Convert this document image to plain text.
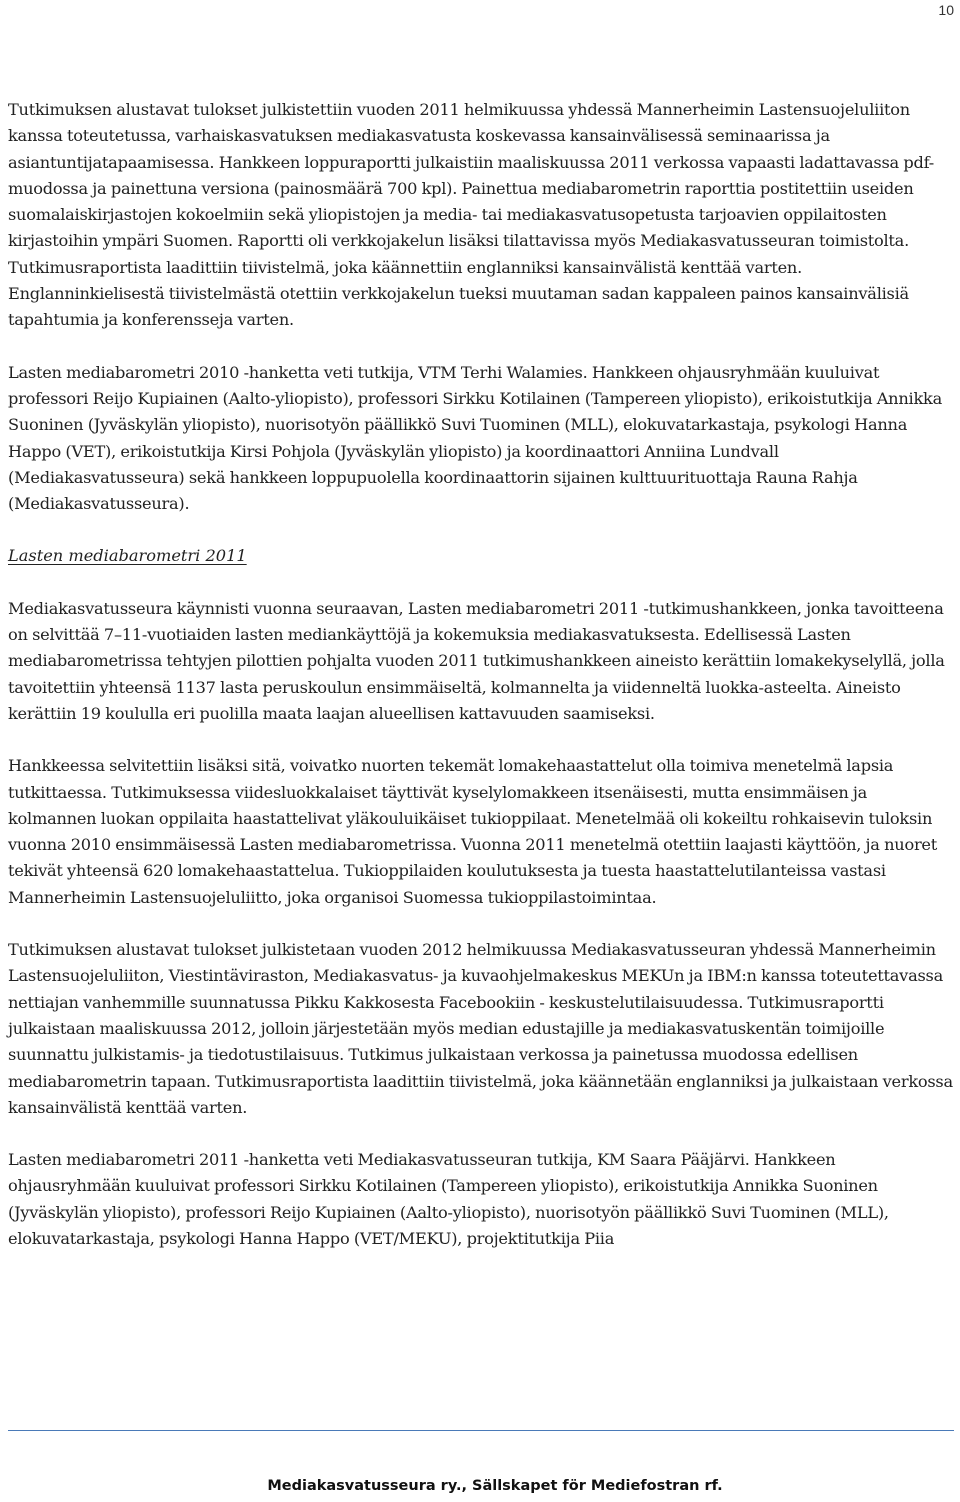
10

Tutkimuksen alustavat tulokset julkistettiin vuoden 2011 helmikuussa yhdessä Mannerheimin Lastensuojeluliiton kanssa toteutetussa, varhaiskasvatuksen mediakasvatusta koskevassa kansainvälisessä seminaarissa ja asiantuntijatapaamisessa. Hankkeen loppuraportti julkaistiin maaliskuussa 2011 verkossa vapaasti ladattavassa pdf-muodossa ja painettuna versiona (painosmäärä 700 kpl). Painettua mediabarometrin raporttia postitettiin useiden suomalaiskirjastojen kokoelmiin sekä yliopistojen ja media- tai mediakasvatusopetusta tarjoavien oppilaitosten kirjastoihin ympäri Suomen. Raportti oli verkkojakelun lisäksi tilattavissa myös Mediakasvatusseuran toimistolta. Tutkimusraportista laadittiin tiivistelmä, joka käännettiin englanniksi kansainvälistä kenttää varten. Englanninkielisestä tiivistelmästä otettiin verkkojakelun tueksi muutaman sadan kappaleen painos kansainvälisiä tapahtumia ja konferensseja varten.

Lasten mediabarometri 2010 -hanketta veti tutkija, VTM Terhi Walamies. Hankkeen ohjausryhmään kuuluivat professori Reijo Kupiainen (Aalto-yliopisto), professori Sirkku Kotilainen (Tampereen yliopisto), erikoistutkija Annikka Suoninen (Jyväskylän yliopisto), nuorisotyön päällikkö Suvi Tuominen (MLL), elokuvatarkastaja, psykologi Hanna Happo (VET), erikoistutkija Kirsi Pohjola (Jyväskylän yliopisto) ja koordinaattori Anniina Lundvall (Mediakasvatusseura) sekä hankkeen loppupuolella koordinaattorin sijainen kulttuurituottaja Rauna Rahja (Mediakasvatusseura).

Lasten mediabarometri 2011

Mediakasvatusseura käynnisti vuonna seuraavan, Lasten mediabarometri 2011 -tutkimushankkeen, jonka tavoitteena on selvittää 7–11-vuotiaiden lasten mediankäyttöjä ja kokemuksia mediakasvatuksesta. Edellisessä Lasten mediabarometrissa tehtyjen pilottien pohjalta vuoden 2011 tutkimushankkeen aineisto kerättiin lomakekyselyllä, jolla tavoitettiin yhteensä 1137 lasta peruskoulun ensimmäiseltä, kolmannelta ja viidenneltä luokka-asteelta. Aineisto kerättiin 19 koululla eri puolilla maata laajan alueellisen kattavuuden saamiseksi.

Hankkeessa selvitettiin lisäksi sitä, voivatko nuorten tekemät lomakehaastattelut olla toimiva menetelmä lapsia tutkittaessa. Tutkimuksessa viidesluokkalaiset täyttivät kyselylomakkeen itsenäisesti, mutta ensimmäisen ja kolmannen luokan oppilaita haastattelivat yläkouluikäiset tukioppilaat. Menetelmää oli kokeiltu rohkaisevin tuloksin vuonna 2010 ensimmäisessä Lasten mediabarometrissa. Vuonna 2011 menetelmä otettiin laajasti käyttöön, ja nuoret tekivät yhteensä 620 lomakehaastattelua. Tukioppilaiden koulutuksesta ja tuesta haastattelutilanteissa vastasi Mannerheimin Lastensuojeluliitto, joka organisoi Suomessa tukioppilastoimintaa.

Tutkimuksen alustavat tulokset julkistetaan vuoden 2012 helmikuussa Mediakasvatusseuran yhdessä Mannerheimin Lastensuojeluliiton, Viestintäviraston, Mediakasvatus- ja kuvaohjelmakeskus MEKUn ja IBM:n kanssa toteutettavassa nettiajan vanhemmille suunnatussa Pikku Kakkosesta Facebookiin - keskustelutilaisuudessa. Tutkimusraportti julkaistaan maaliskuussa 2012, jolloin järjestetään myös median edustajille ja mediakasvatuskentän toimijoille suunnattu julkistamis- ja tiedotustilaisuus. Tutkimus julkaistaan verkossa ja painetussa muodossa edellisen mediabarometrin tapaan. Tutkimusraportista laadittiin tiivistelmä, joka käännetään englanniksi ja julkaistaan verkossa kansainvälistä kenttää varten.

Lasten mediabarometri 2011 -hanketta veti Mediakasvatusseuran tutkija, KM Saara Pääjärvi. Hankkeen ohjausryhmään kuuluivat professori Sirkku Kotilainen (Tampereen yliopisto), erikoistutkija Annikka Suoninen (Jyväskylän yliopisto), professori Reijo Kupiainen (Aalto-yliopisto), nuorisotyön päällikkö Suvi Tuominen (MLL), elokuvatarkastaja, psykologi Hanna Happo (VET/MEKU), projektitutkija Piia

Mediakasvatusseura ry., Sällskapet för Mediefostran rf.
